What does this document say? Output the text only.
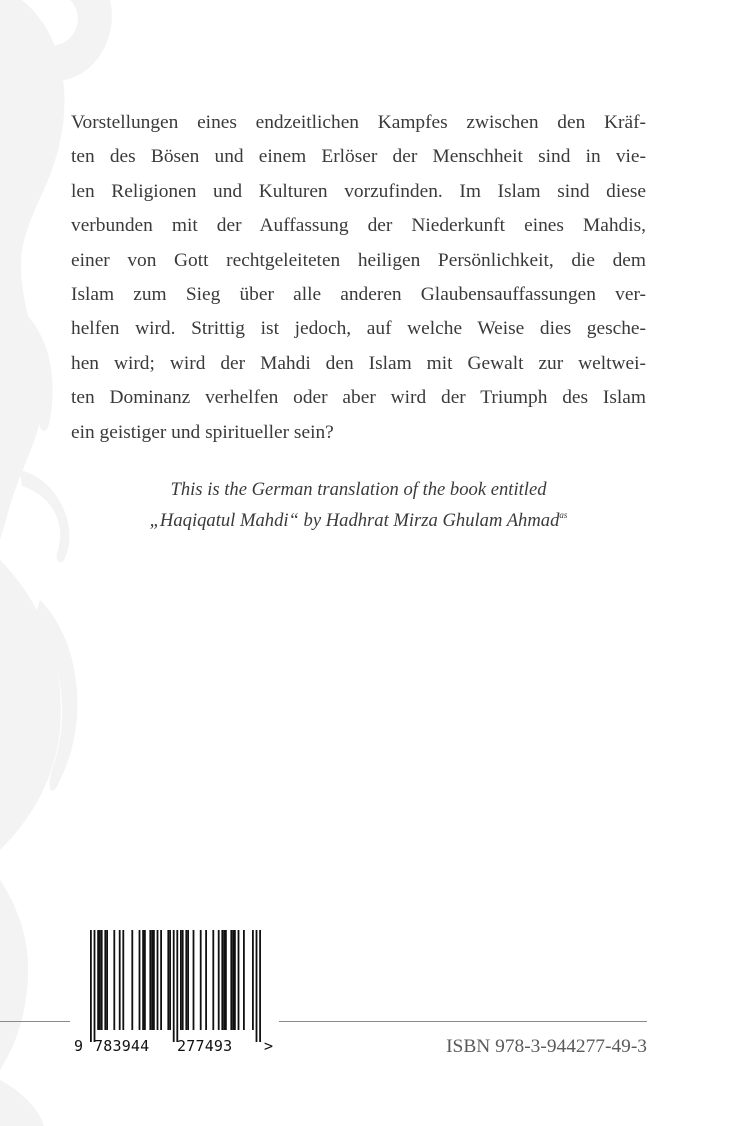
Vorstellungen eines endzeitlichen Kampfes zwischen den Kräf-
ten des Bösen und einem Erlöser der Menschheit sind in vie-
len Religionen und Kulturen vorzufinden. Im Islam sind diese
verbunden mit der Auffassung der Niederkunft eines Mahdis,
einer von Gott rechtgeleiteten heiligen Persönlichkeit, die dem
Islam zum Sieg über alle anderen Glaubensauffassungen ver-
helfen wird. Strittig ist jedoch, auf welche Weise dies gesche-
hen wird; wird der Mahdi den Islam mit Gewalt zur weltwei-
ten Dominanz verhelfen oder aber wird der Triumph des Islam
ein geistiger und spiritueller sein?
This is the German translation of the book entitled
„Haqiqatul Mahdi“ by Hadhrat Mirza Ghulam Ahmad$^{as}$
9 783944 277493 >	ISBN 978-3-944277-49-3
